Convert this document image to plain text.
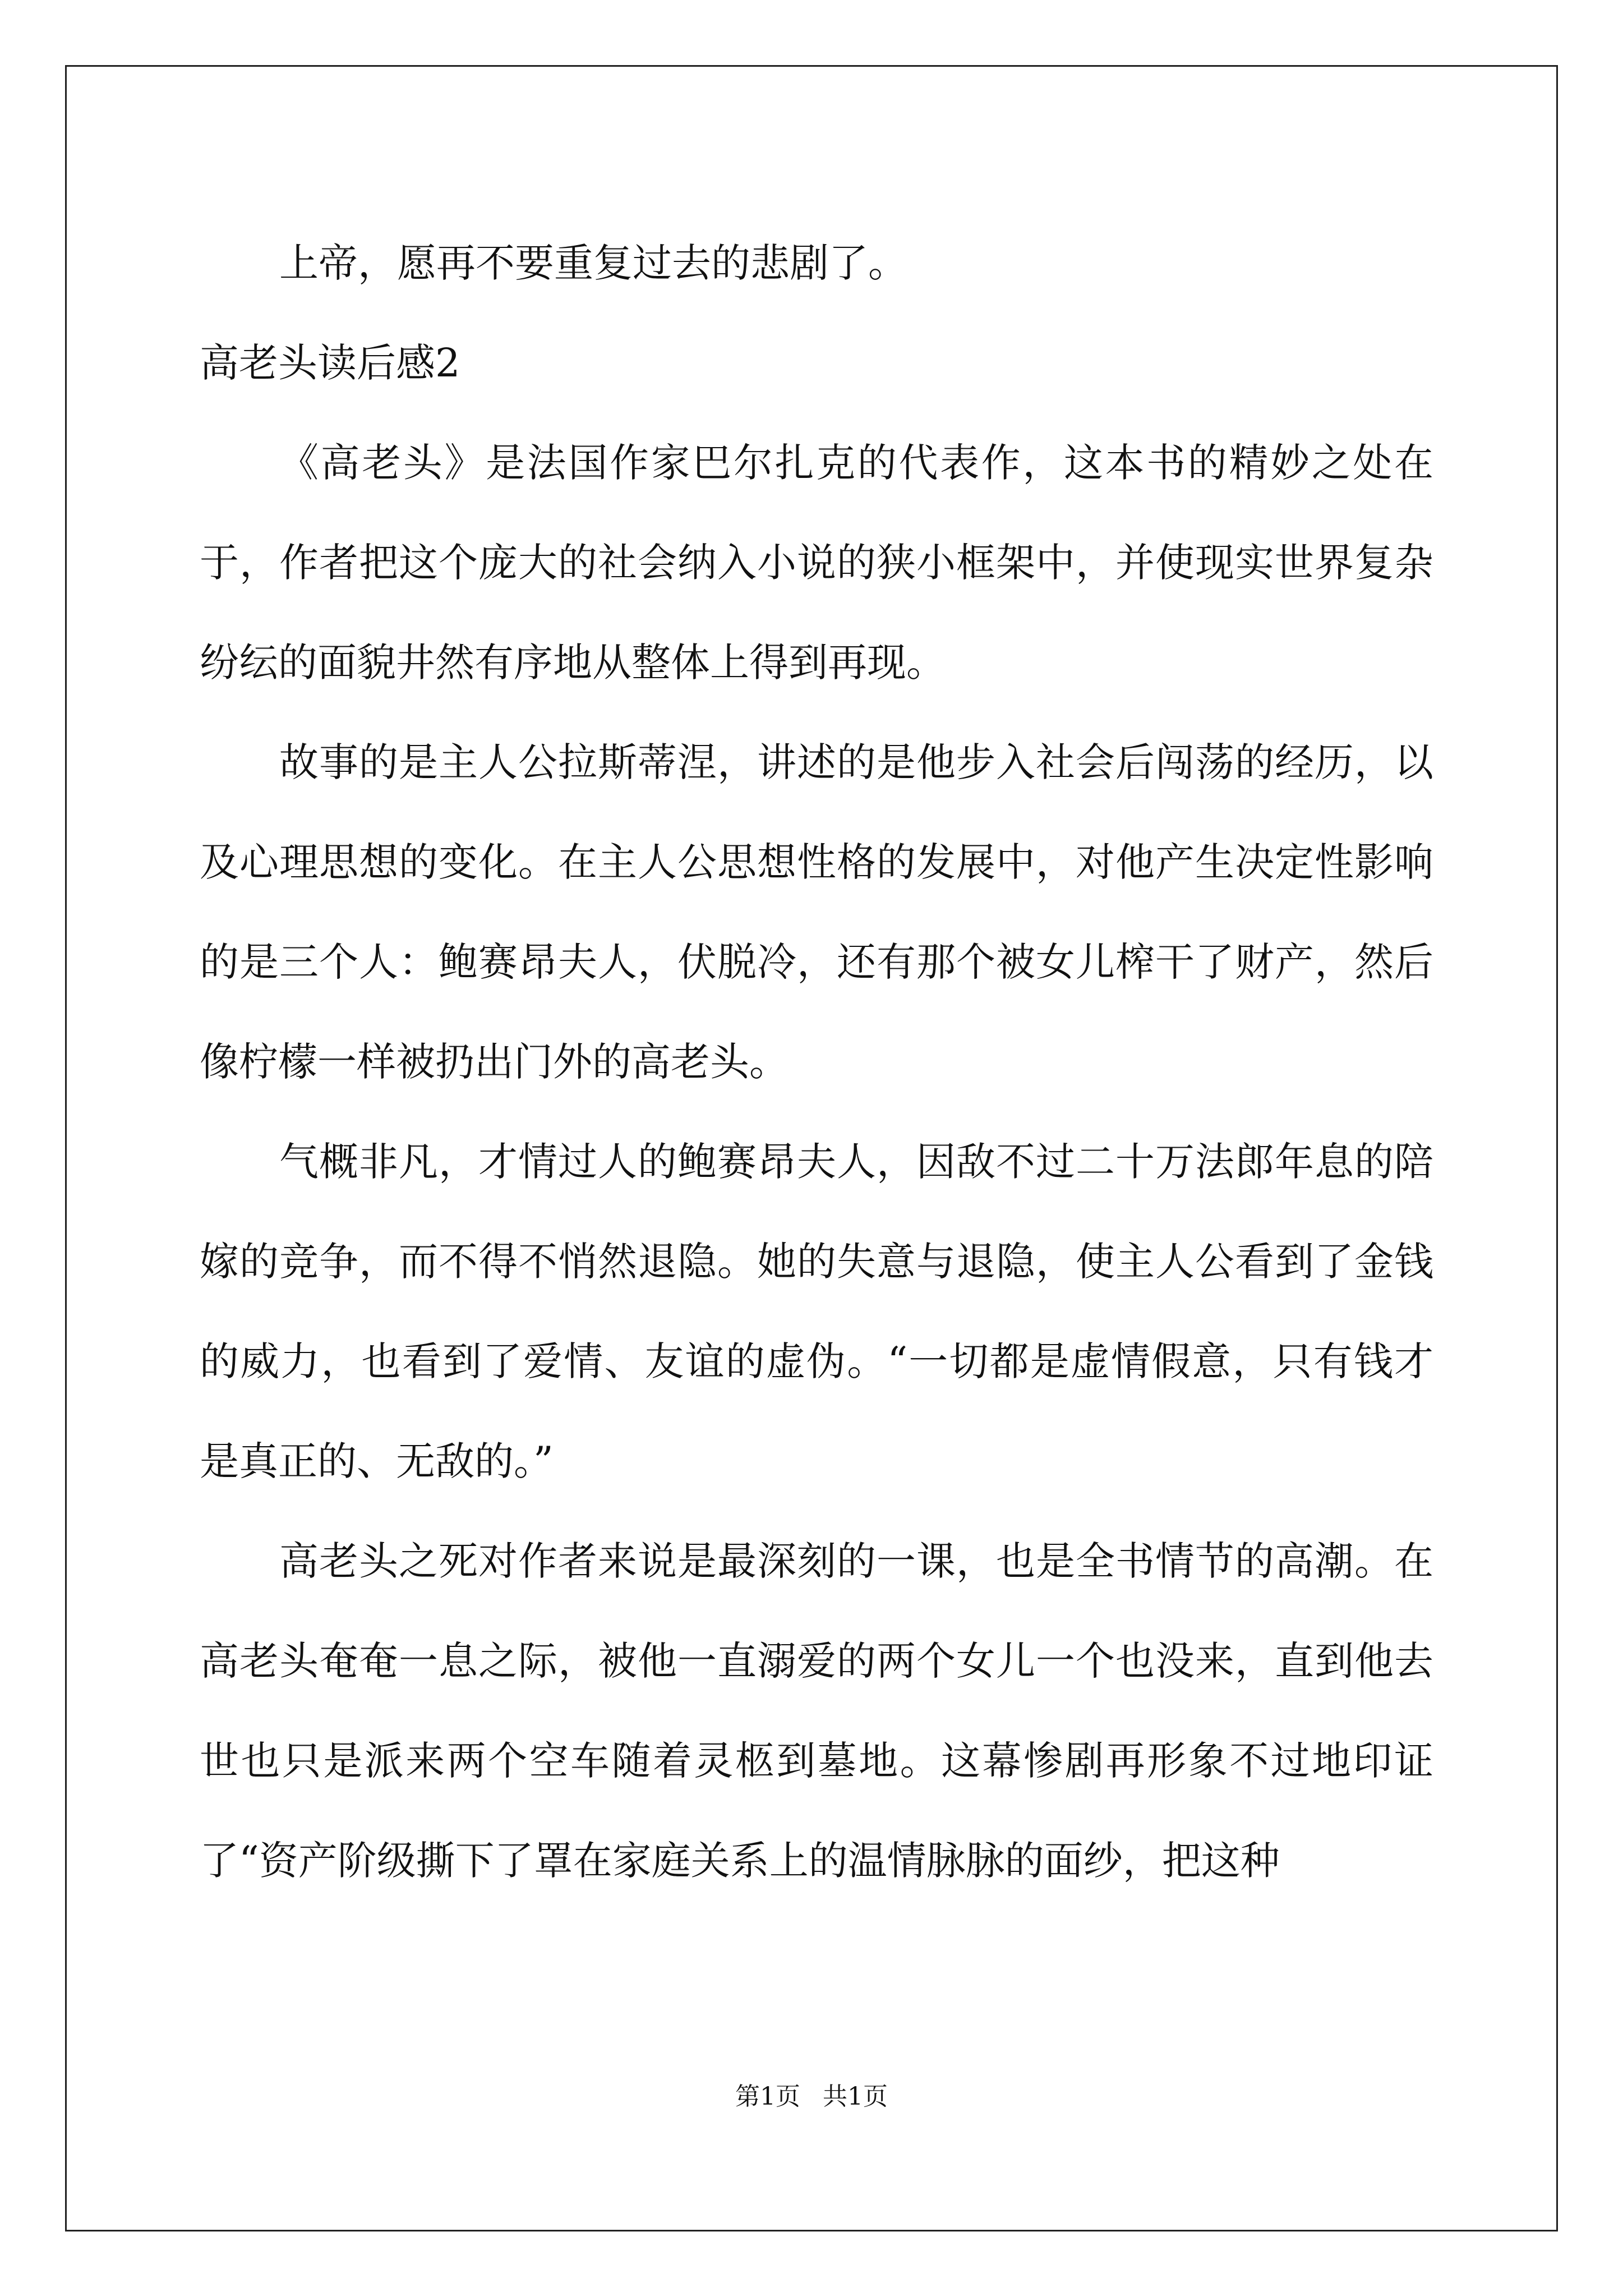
上帝，愿再不要重复过去的悲剧了。

高老头读后感2

《高老头》是法国作家巴尔扎克的代表作，这本书的精妙之处在于，作者把这个庞大的社会纳入小说的狭小框架中，并使现实世界复杂纷纭的面貌井然有序地从整体上得到再现。

故事的是主人公拉斯蒂涅，讲述的是他步入社会后闯荡的经历，以及心理思想的变化。在主人公思想性格的发展中，对他产生决定性影响的是三个人：鲍赛昂夫人，伏脱冷，还有那个被女儿榨干了财产，然后像柠檬一样被扔出门外的高老头。

气概非凡，才情过人的鲍赛昂夫人，因敌不过二十万法郎年息的陪嫁的竞争，而不得不悄然退隐。她的失意与退隐，使主人公看到了金钱的威力，也看到了爱情、友谊的虚伪。“一切都是虚情假意，只有钱才是真正的、无敌的。”

高老头之死对作者来说是最深刻的一课，也是全书情节的高潮。在高老头奄奄一息之际，被他一直溺爱的两个女儿一个也没来，直到他去世也只是派来两个空车随着灵柩到墓地。这幕惨剧再形象不过地印证了“资产阶级撕下了罩在家庭关系上的温情脉脉的面纱，把这种

第1页 共1页
